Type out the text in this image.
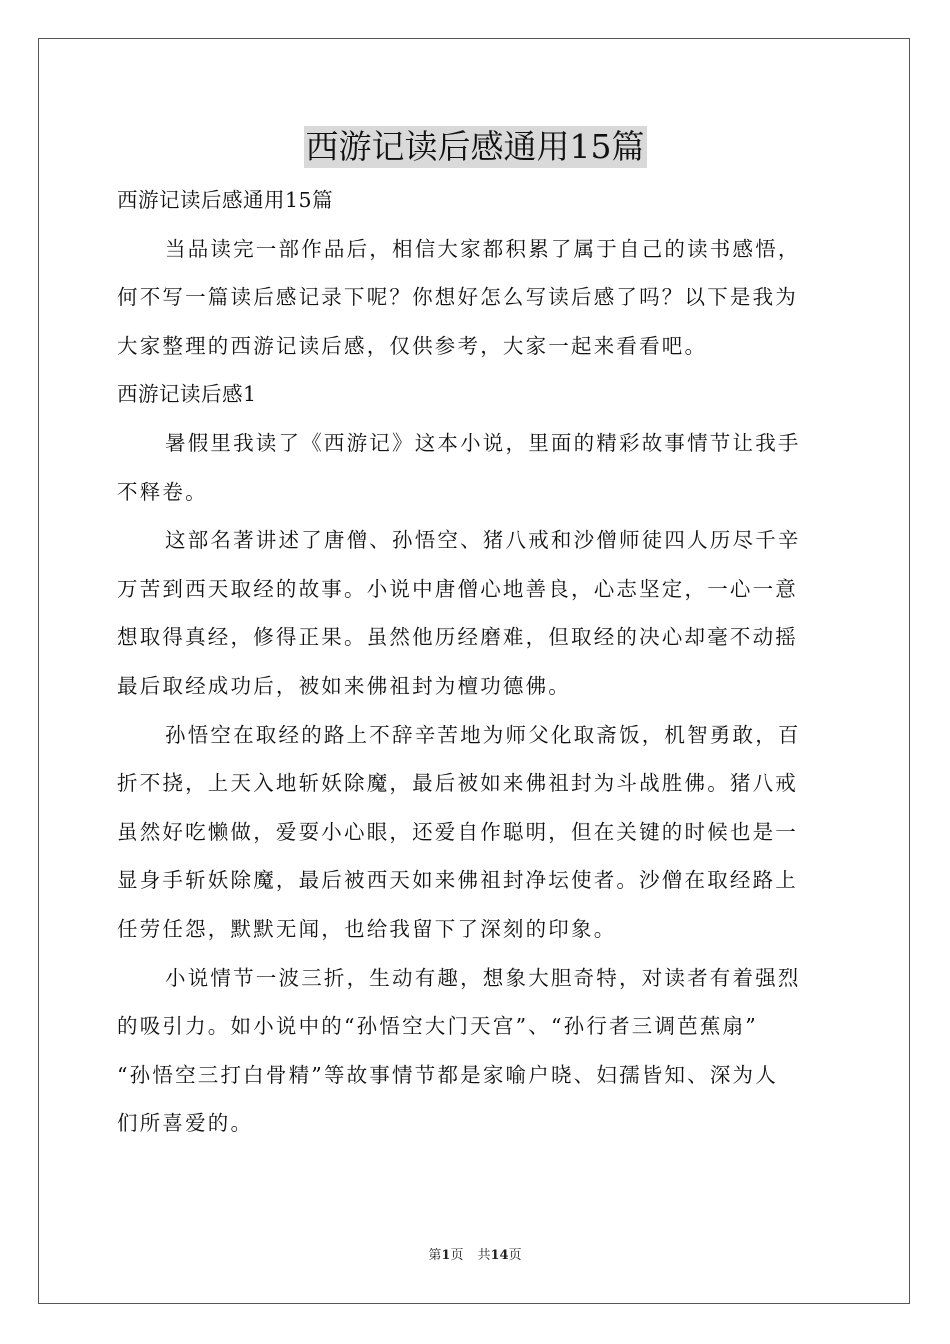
西游记读后感通用15篇
西游记读后感通用15篇
当品读完一部作品后，相信大家都积累了属于自己的读书感悟，
何不写一篇读后感记录下呢？你想好怎么写读后感了吗？以下是我为
大家整理的西游记读后感，仅供参考，大家一起来看看吧。
西游记读后感1
暑假里我读了《西游记》这本小说，里面的精彩故事情节让我手
不释卷。
这部名著讲述了唐僧、孙悟空、猪八戒和沙僧师徒四人历尽千辛
万苦到西天取经的故事。小说中唐僧心地善良，心志坚定，一心一意
想取得真经，修得正果。虽然他历经磨难，但取经的决心却毫不动摇
最后取经成功后，被如来佛祖封为檀功德佛。
孙悟空在取经的路上不辞辛苦地为师父化取斋饭，机智勇敢，百
折不挠，上天入地斩妖除魔，最后被如来佛祖封为斗战胜佛。猪八戒
虽然好吃懒做，爱耍小心眼，还爱自作聪明，但在关键的时候也是一
显身手斩妖除魔，最后被西天如来佛祖封净坛使者。沙僧在取经路上
任劳任怨，默默无闻，也给我留下了深刻的印象。
小说情节一波三折，生动有趣，想象大胆奇特，对读者有着强烈
的吸引力。如小说中的“孙悟空大门天宫”、“孙行者三调芭蕉扇”
“孙悟空三打白骨精”等故事情节都是家喻户晓、妇孺皆知、深为人
们所喜爱的。
第1页 共14页
